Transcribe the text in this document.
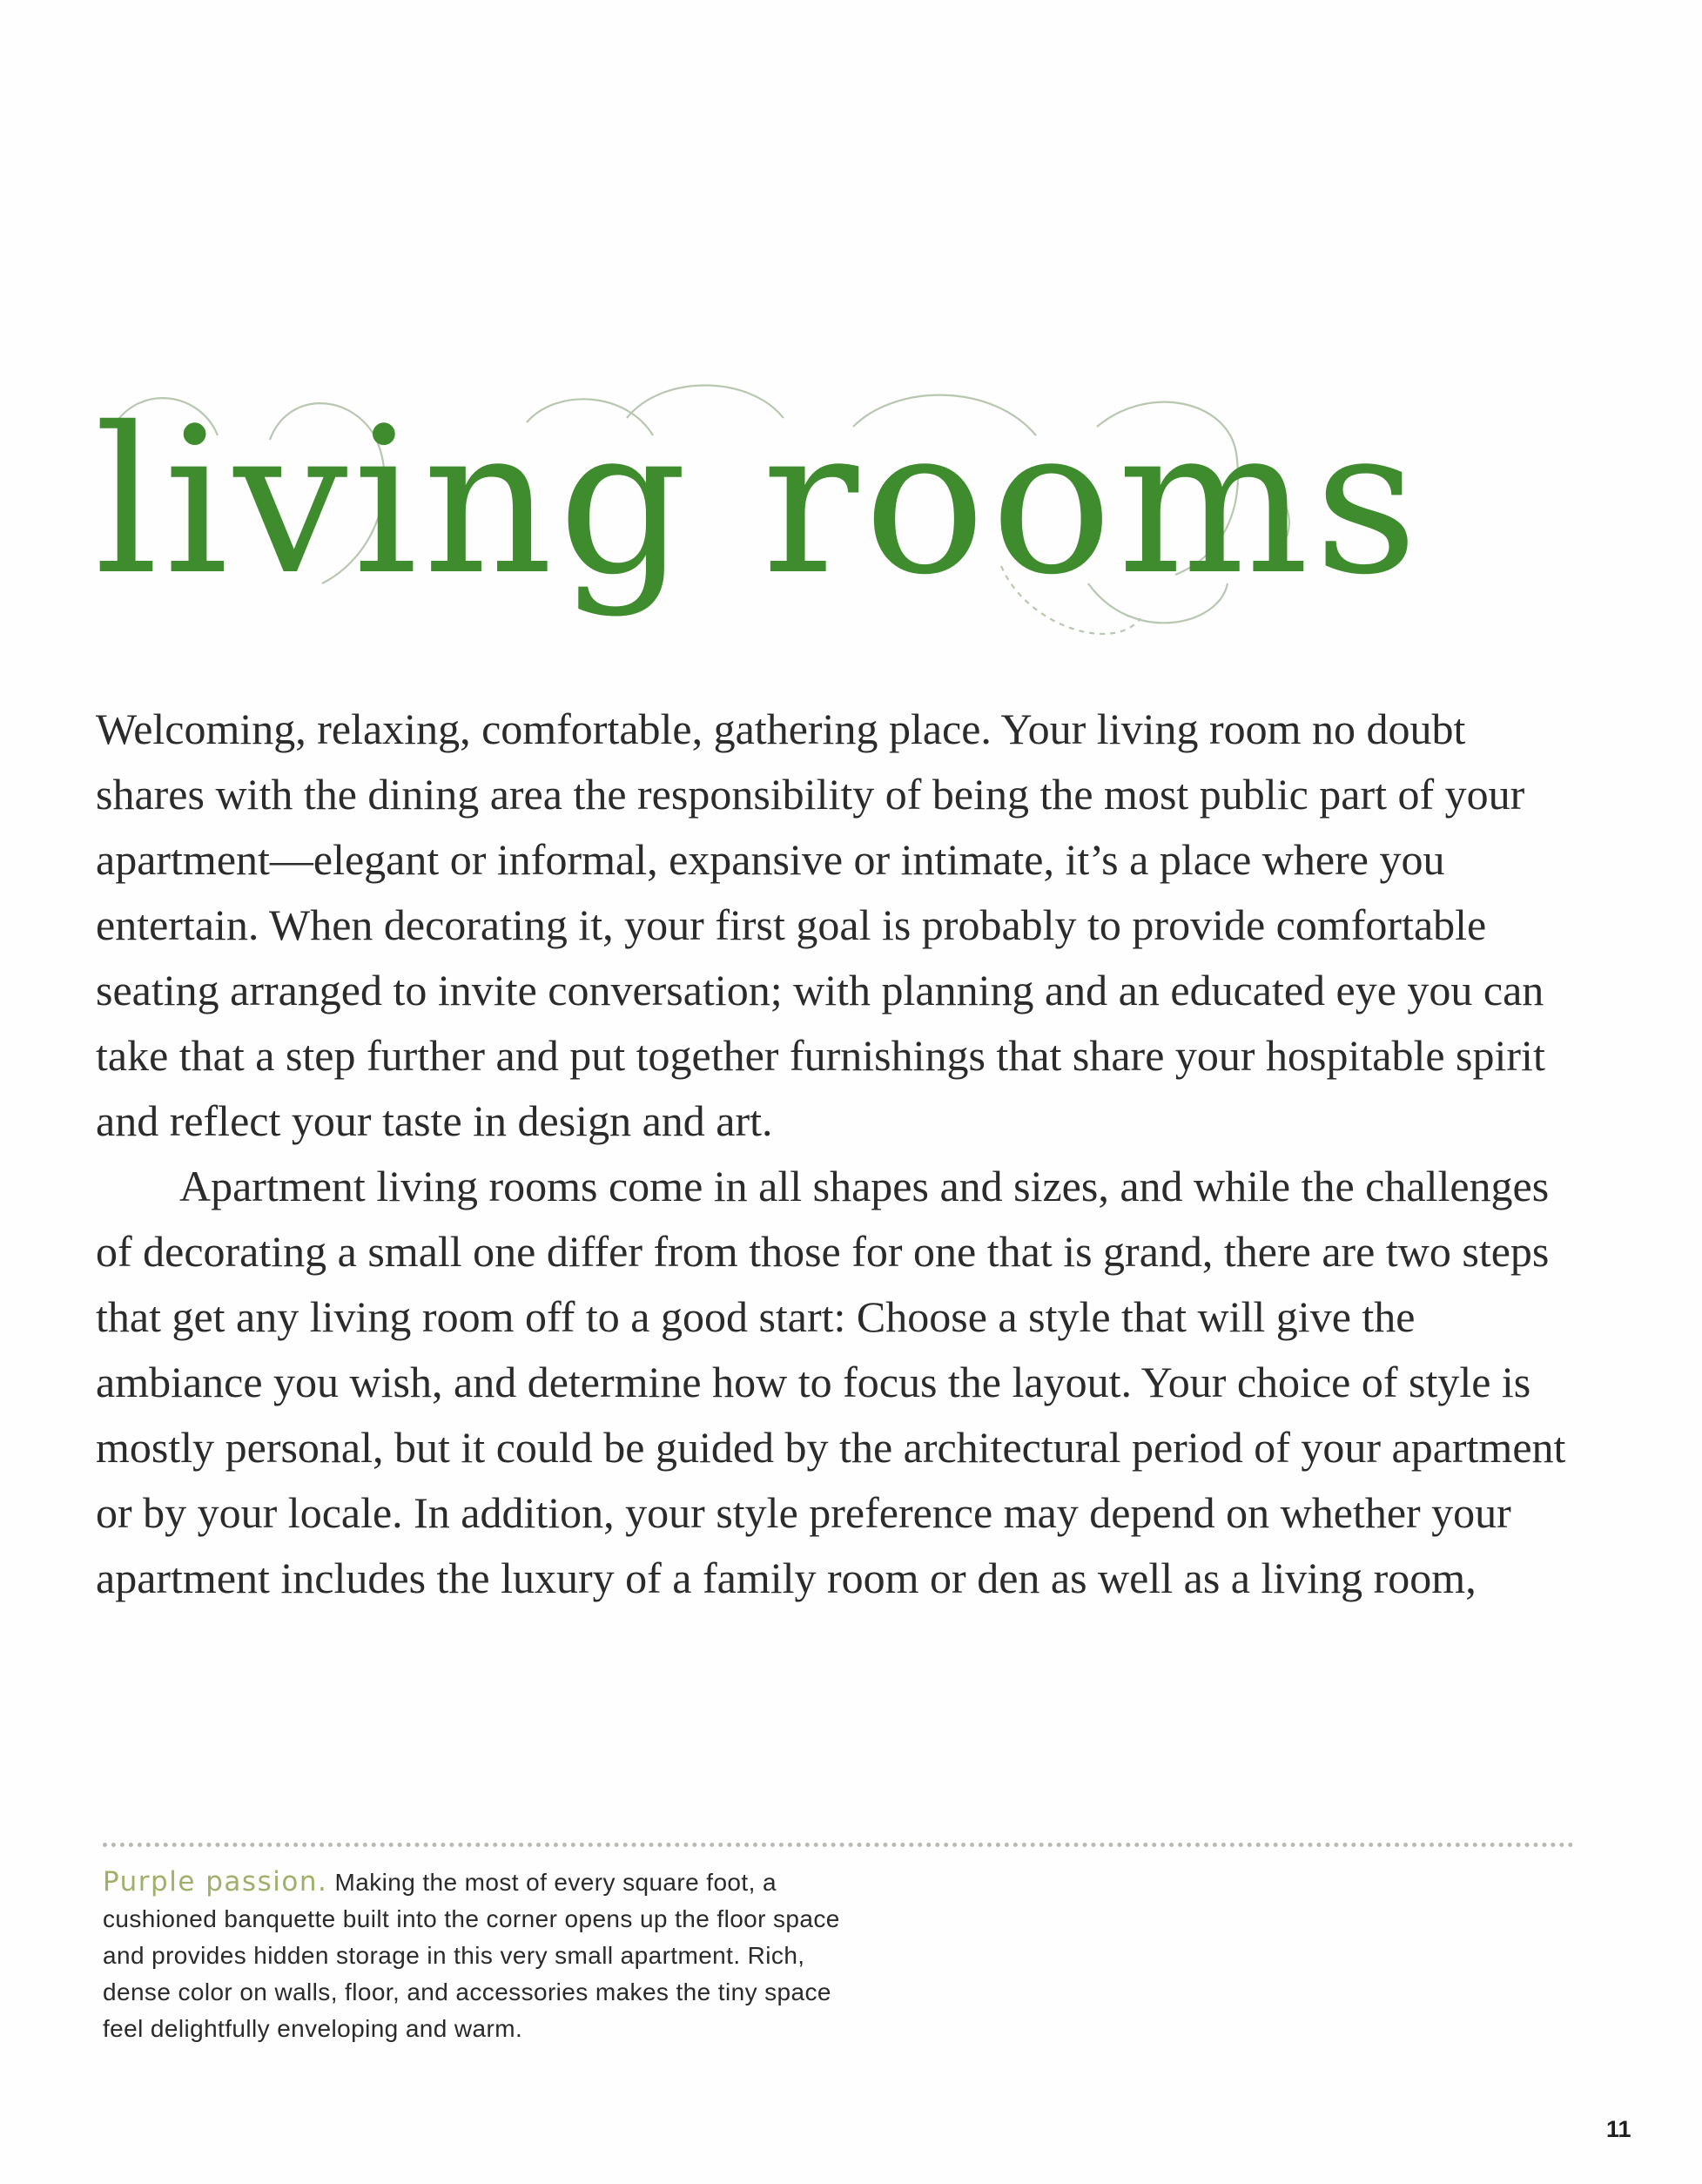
living rooms

Welcoming, relaxing, comfortable, gathering place. Your living room no doubt shares with the dining area the responsibility of being the most public part of your apartment—elegant or informal, expansive or intimate, it’s a place where you entertain. When decorating it, your first goal is probably to provide comfortable seating arranged to invite conversation; with planning and an educated eye you can take that a step further and put together furnishings that share your hospitable spirit and reflect your taste in design and art.

Apartment living rooms come in all shapes and sizes, and while the challenges of decorating a small one differ from those for one that is grand, there are two steps that get any living room off to a good start: Choose a style that will give the ambiance you wish, and determine how to focus the layout. Your choice of style is mostly personal, but it could be guided by the architectural period of your apartment or by your locale. In addition, your style preference may depend on whether your apartment includes the luxury of a family room or den as well as a living room,

Purple passion. Making the most of every square foot, a cushioned banquette built into the corner opens up the floor space and provides hidden storage in this very small apartment. Rich, dense color on walls, floor, and accessories makes the tiny space feel delightfully enveloping and warm.
11
